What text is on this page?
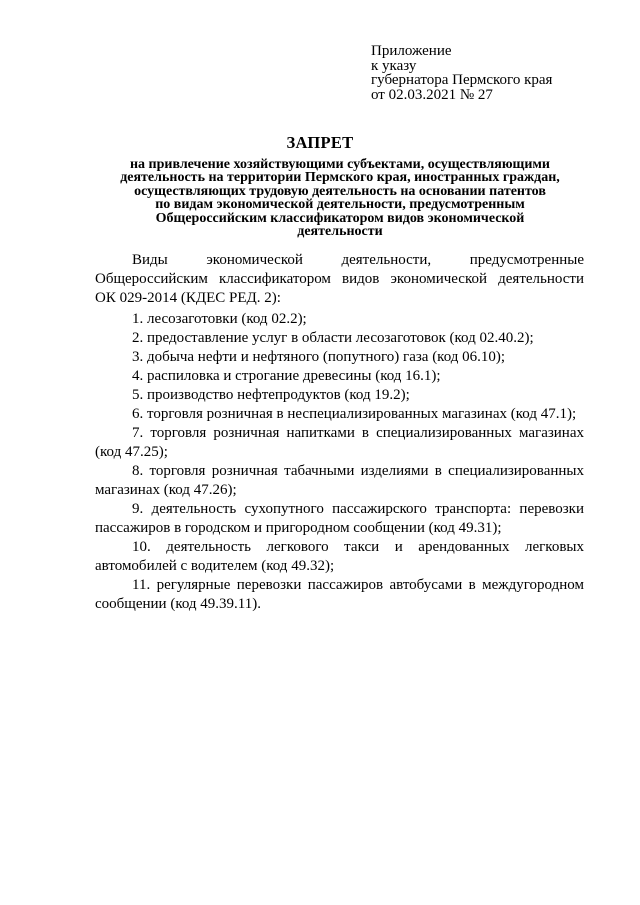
Приложение
к указу
губернатора Пермского края
от 02.03.2021 № 27
ЗАПРЕТ
на привлечение хозяйствующими субъектами, осуществляющими
деятельность на территории Пермского края, иностранных граждан,
осуществляющих трудовую деятельность на основании патентов
по видам экономической деятельности, предусмотренным
Общероссийским классификатором видов экономической
деятельности
Виды экономической деятельности, предусмотренные
Общероссийским классификатором видов экономической деятельности
ОК 029-2014 (КДЕС РЕД. 2):
1. лесозаготовки (код 02.2);
2. предоставление услуг в области лесозаготовок (код 02.40.2);
3. добыча нефти и нефтяного (попутного) газа (код 06.10);
4. распиловка и строгание древесины (код 16.1);
5. производство нефтепродуктов (код 19.2);
6. торговля розничная в неспециализированных магазинах (код 47.1);
7. торговля розничная напитками в специализированных магазинах
(код 47.25);
8. торговля розничная табачными изделиями в специализированных
магазинах (код 47.26);
9. деятельность сухопутного пассажирского транспорта: перевозки
пассажиров в городском и пригородном сообщении (код 49.31);
10. деятельность легкового такси и арендованных легковых
автомобилей с водителем (код 49.32);
11. регулярные перевозки пассажиров автобусами в междугородном
сообщении (код 49.39.11).
